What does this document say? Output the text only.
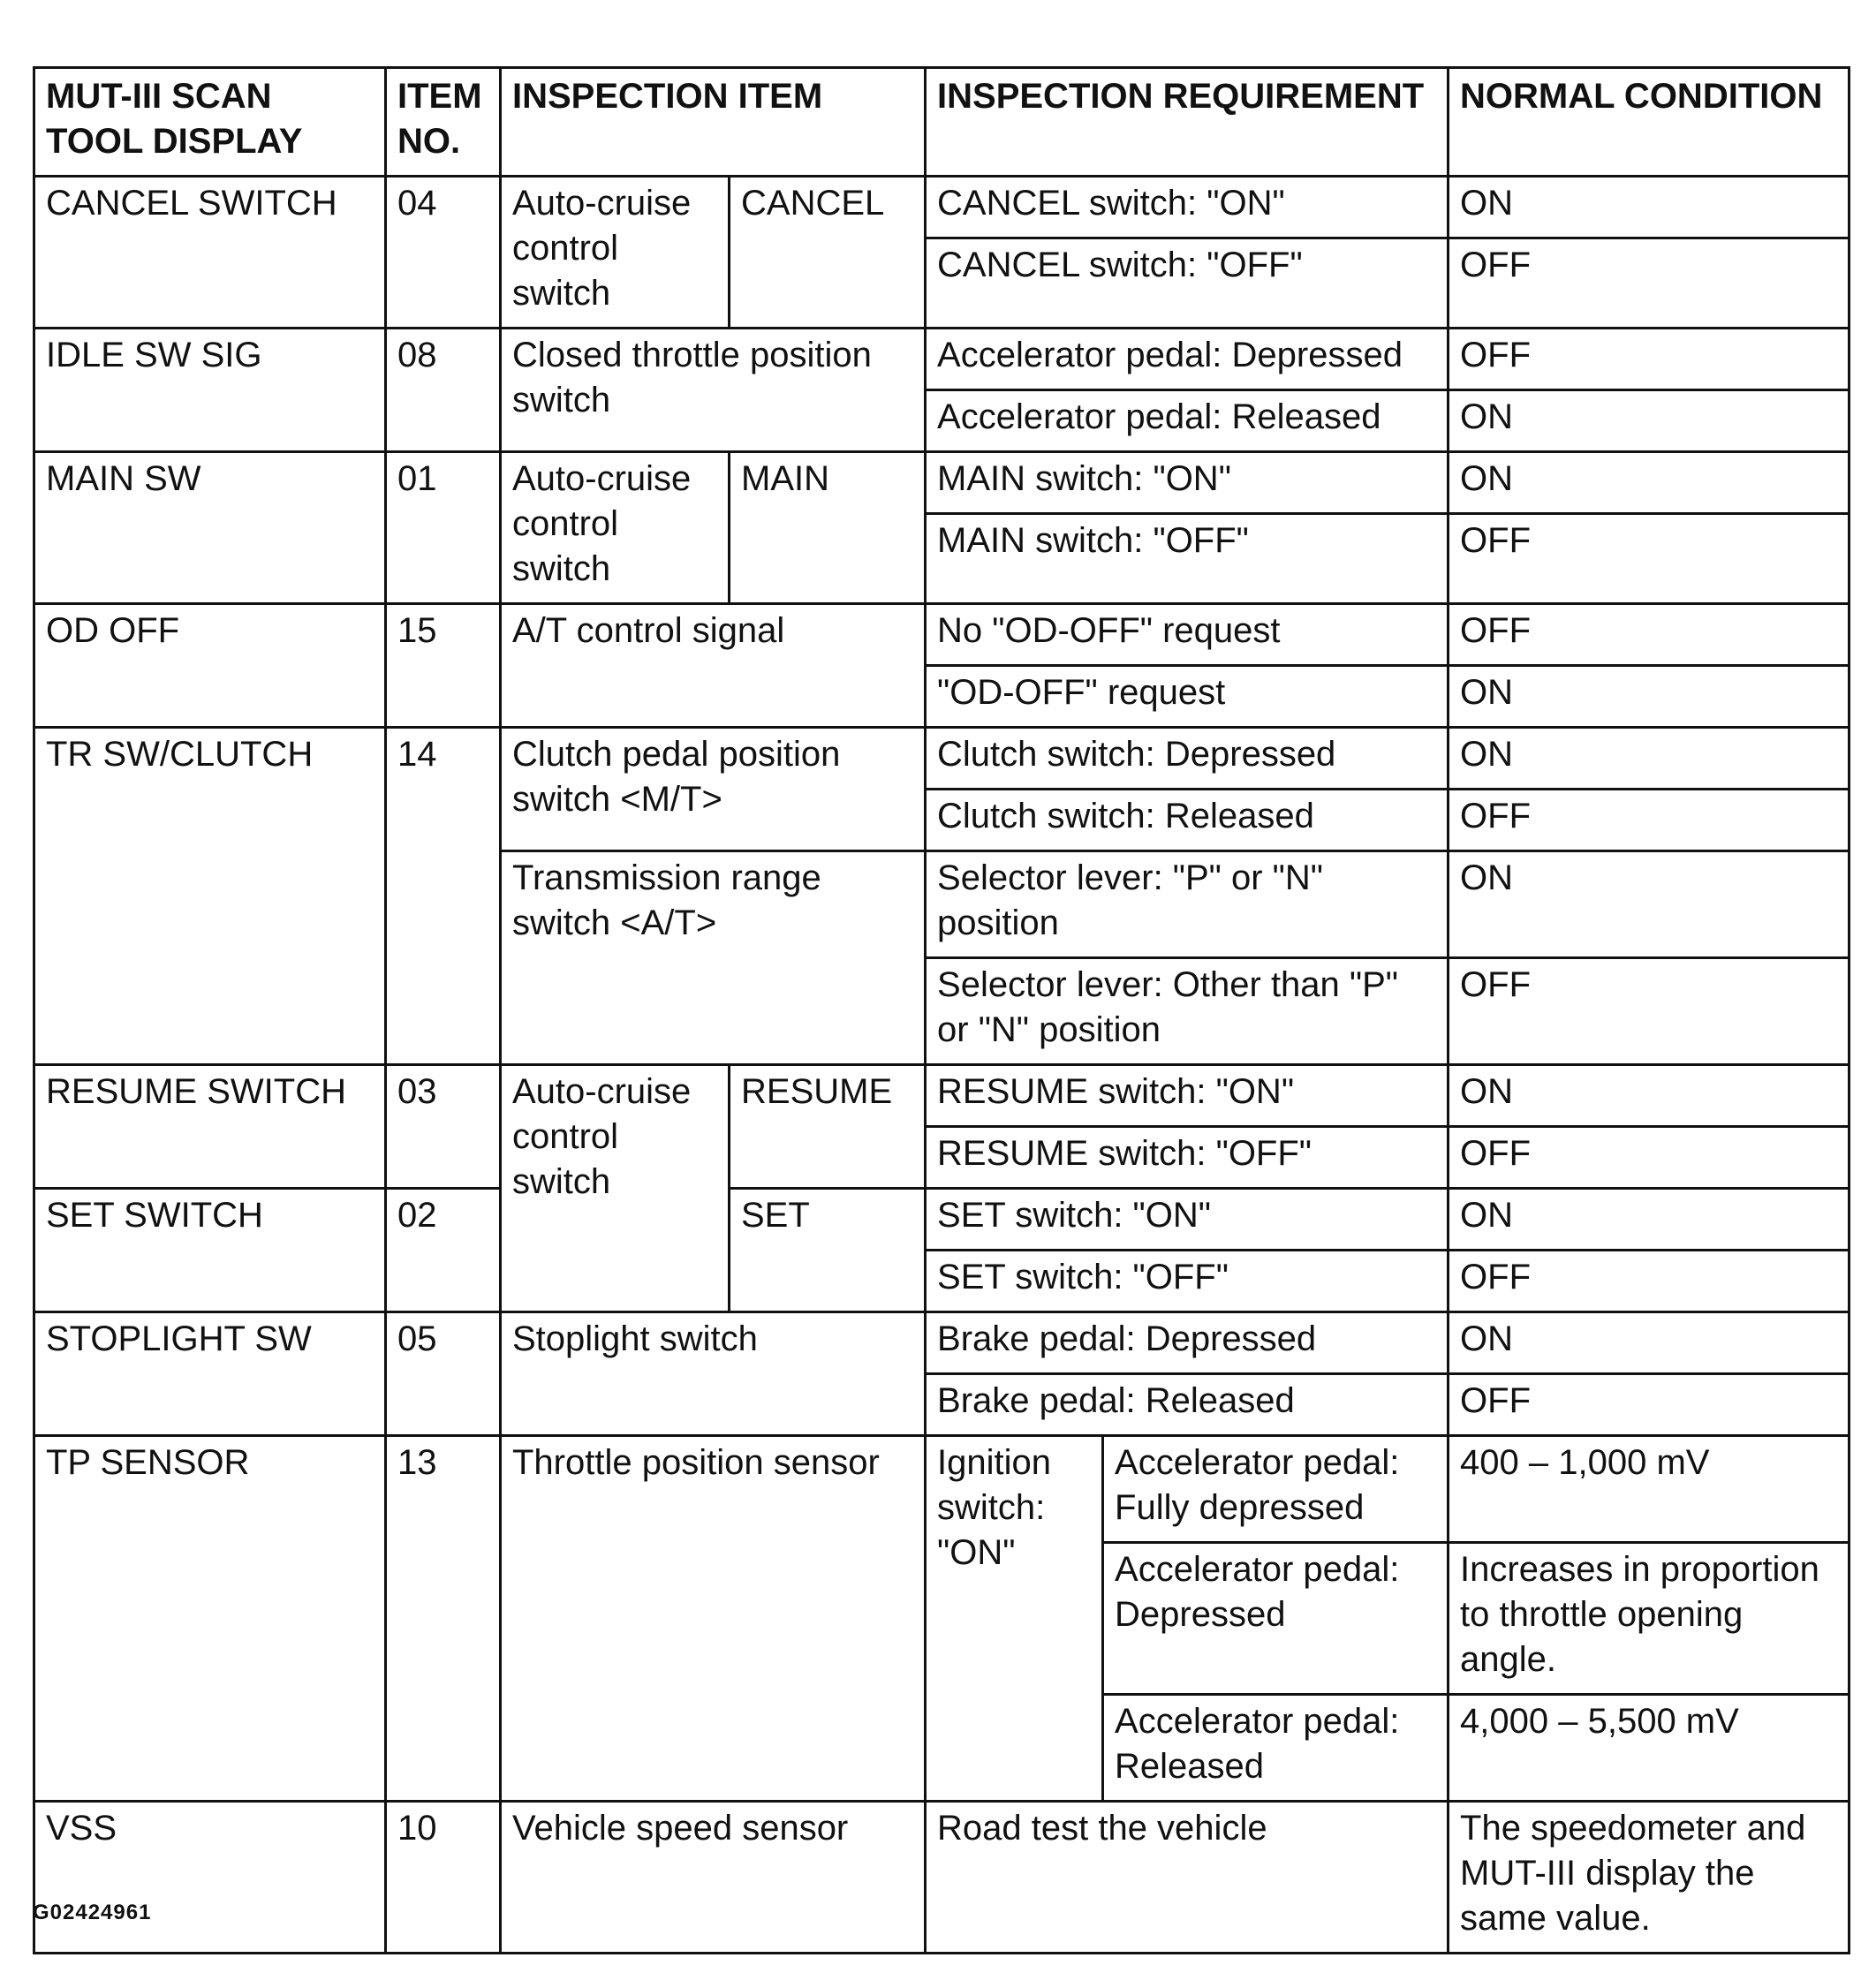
MUT-III SCAN TOOL DISPLAY	ITEM NO.	INSPECTION ITEM		INSPECTION REQUIREMENT		NORMAL CONDITION
CANCEL SWITCH	04	Auto-cruise control switch	CANCEL	CANCEL switch: "ON"		ON
				CANCEL switch: "OFF"		OFF
IDLE SW SIG	08	Closed throttle position switch		Accelerator pedal: Depressed		OFF
				Accelerator pedal: Released		ON
MAIN SW	01	Auto-cruise control switch	MAIN	MAIN switch: "ON"		ON
				MAIN switch: "OFF"		OFF
OD OFF	15	A/T control signal		No "OD-OFF" request		OFF
				"OD-OFF" request		ON
TR SW/CLUTCH	14	Clutch pedal position switch <M/T>		Clutch switch: Depressed		ON
				Clutch switch: Released		OFF
		Transmission range switch <A/T>		Selector lever: "P" or "N" position		ON
				Selector lever: Other than "P" or "N" position		OFF
RESUME SWITCH	03	Auto-cruise control switch	RESUME	RESUME switch: "ON"		ON
				RESUME switch: "OFF"		OFF
SET SWITCH	02		SET	SET switch: "ON"		ON
				SET switch: "OFF"		OFF
STOPLIGHT SW	05	Stoplight switch		Brake pedal: Depressed		ON
				Brake pedal: Released		OFF
TP SENSOR	13	Throttle position sensor		Ignition switch: "ON"	Accelerator pedal: Fully depressed	400 – 1,000 mV
					Accelerator pedal: Depressed	Increases in proportion to throttle opening angle.
					Accelerator pedal: Released	4,000 – 5,500 mV
VSS	10	Vehicle speed sensor		Road test the vehicle		The speedometer and MUT-III display the same value.
G02424961
